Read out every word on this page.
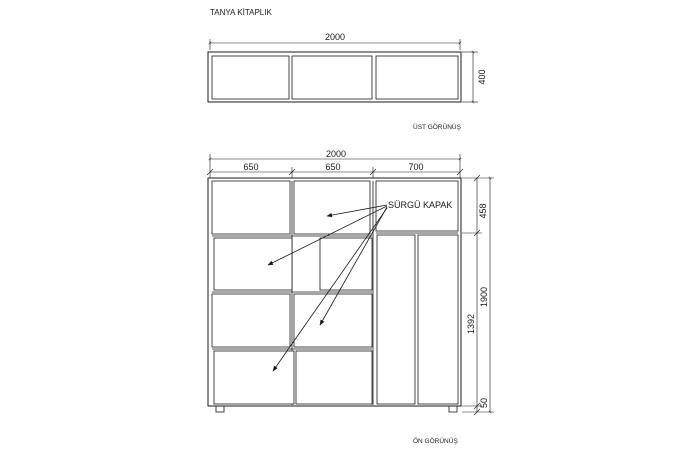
TANYA KİTAPLIK
2000
400
ÜST GÖRÜNÜŞ
2000
650	650	700
SÜRGÜ KAPAK	458
1392
1900
50
ÖN GÖRÜNÜŞ
